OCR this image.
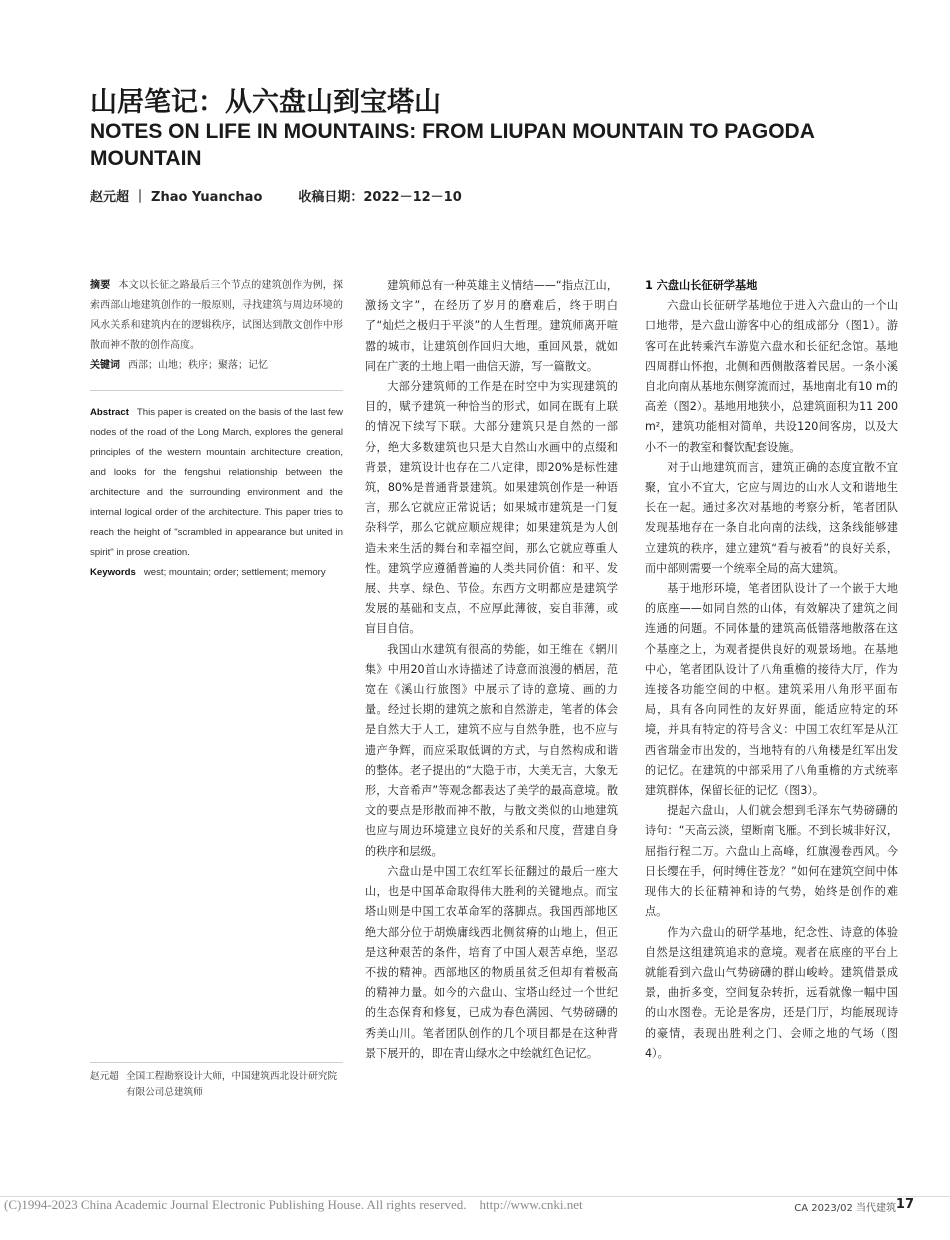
山居笔记：从六盘山到宝塔山
NOTES ON LIFE IN MOUNTAINS: FROM LIUPAN MOUNTAIN TO PAGODA MOUNTAIN
赵元超 ｜ Zhao Yuanchao	收稿日期：2022－12－10

摘要 本文以长征之路最后三个节点的建筑创作为例，探索西部山地建筑创作的一般原则，寻找建筑与周边环境的风水关系和建筑内在的逻辑秩序，试图达到散文创作中形散而神不散的创作高度。

关键词 西部；山地；秩序；聚落；记忆

Abstract This paper is created on the basis of the last few nodes of the road of the Long March, explores the general principles of the western mountain architecture creation, and looks for the fengshui relationship between the architecture and the surrounding environment and the internal logical order of the architecture. This paper tries to reach the height of "scrambled in appearance but united in spirit" in prose creation.

Keywords west; mountain; order; settlement; memory

赵元超 全国工程勘察设计大师，中国建筑西北设计研究院有限公司总建筑师

建筑师总有一种英雄主义情结——“指点江山，激扬文字”，在经历了岁月的磨难后，终于明白了“灿烂之极归于平淡”的人生哲理。建筑师离开喧嚣的城市，让建筑创作回归大地，重回风景，就如同在广袤的土地上唱一曲信天游，写一篇散文。

大部分建筑师的工作是在时空中为实现建筑的目的，赋予建筑一种恰当的形式，如同在既有上联的情况下续写下联。大部分建筑只是自然的一部分，绝大多数建筑也只是大自然山水画中的点缀和背景，建筑设计也存在二八定律，即20%是标性建筑，80%是普通背景建筑。如果建筑创作是一种语言，那么它就应正常说话；如果城市建筑是一门复杂科学，那么它就应顺应规律；如果建筑是为人创造未来生活的舞台和幸福空间，那么它就应尊重人性。建筑学应遵循普遍的人类共同价值：和平、发展、共享、绿色、节俭。东西方文明都应是建筑学发展的基础和支点，不应厚此薄彼，妄自菲薄，或盲目自信。

我国山水建筑有很高的势能，如王维在《辋川集》中用20首山水诗描述了诗意而浪漫的栖居，范宽在《溪山行旅图》中展示了诗的意境、画的力量。经过长期的建筑之旅和自然游走，笔者的体会是自然大于人工，建筑不应与自然争胜，也不应与遗产争辉，而应采取低调的方式，与自然构成和谐的整体。老子提出的“大隐于市，大美无言，大象无形，大音希声”等观念都表达了美学的最高意境。散文的要点是形散而神不散，与散文类似的山地建筑也应与周边环境建立良好的关系和尺度，营建自身的秩序和层级。

六盘山是中国工农红军长征翻过的最后一座大山，也是中国革命取得伟大胜利的关键地点。而宝塔山则是中国工农革命军的落脚点。我国西部地区绝大部分位于胡焕庸线西北侧贫瘠的山地上，但正是这种艰苦的条件，培育了中国人艰苦卓绝，坚忍不拔的精神。西部地区的物质虽贫乏但却有着极高的精神力量。如今的六盘山、宝塔山经过一个世纪的生态保育和修复，已成为春色满园、气势磅礴的秀美山川。笔者团队创作的几个项目都是在这种背景下展开的，即在青山绿水之中绘就红色记忆。

1 六盘山长征研学基地

六盘山长征研学基地位于进入六盘山的一个山口地带，是六盘山游客中心的组成部分（图1）。游客可在此转乘汽车游览六盘水和长征纪念馆。基地四周群山怀抱，北侧和西侧散落着民居。一条小溪自北向南从基地东侧穿流而过，基地南北有10 m的高差（图2）。基地用地狭小，总建筑面积为11 200 m²，建筑功能相对简单，共设120间客房，以及大小不一的教室和餐饮配套设施。

对于山地建筑而言，建筑正确的态度宜散不宜聚，宜小不宜大，它应与周边的山水人文和谐地生长在一起。通过多次对基地的考察分析，笔者团队发现基地存在一条自北向南的法线，这条线能够建立建筑的秩序，建立建筑“看与被看”的良好关系，而中部则需要一个统率全局的高大建筑。

基于地形环境，笔者团队设计了一个嵌于大地的底座——如同自然的山体，有效解决了建筑之间连通的问题。不同体量的建筑高低错落地散落在这个基座之上，为观者提供良好的观景场地。在基地中心，笔者团队设计了八角重檐的接待大厅，作为连接各功能空间的中枢。建筑采用八角形平面布局，具有各向同性的友好界面，能适应特定的环境，并具有特定的符号含义：中国工农红军是从江西省瑞金市出发的，当地特有的八角楼是红军出发的记忆。在建筑的中部采用了八角重檐的方式统率建筑群体，保留长征的记忆（图3）。

提起六盘山，人们就会想到毛泽东气势磅礴的诗句：“天高云淡，望断南飞雁。不到长城非好汉，屈指行程二万。六盘山上高峰，红旗漫卷西风。今日长缨在手，何时缚住苍龙？”如何在建筑空间中体现伟大的长征精神和诗的气势，始终是创作的难点。

作为六盘山的研学基地，纪念性、诗意的体验自然是这组建筑追求的意境。观者在底座的平台上就能看到六盘山气势磅礴的群山峻岭。建筑借景成景，曲折多变，空间复杂转折，远看就像一幅中国的山水图卷。无论是客房，还是门厅，均能展现诗的豪情，表现出胜利之门、会师之地的气场（图4）。

(C)1994-2023 China Academic Journal Electronic Publishing House. All rights reserved.    http://www.cnki.net	CA 2023/02 当代建筑 17
